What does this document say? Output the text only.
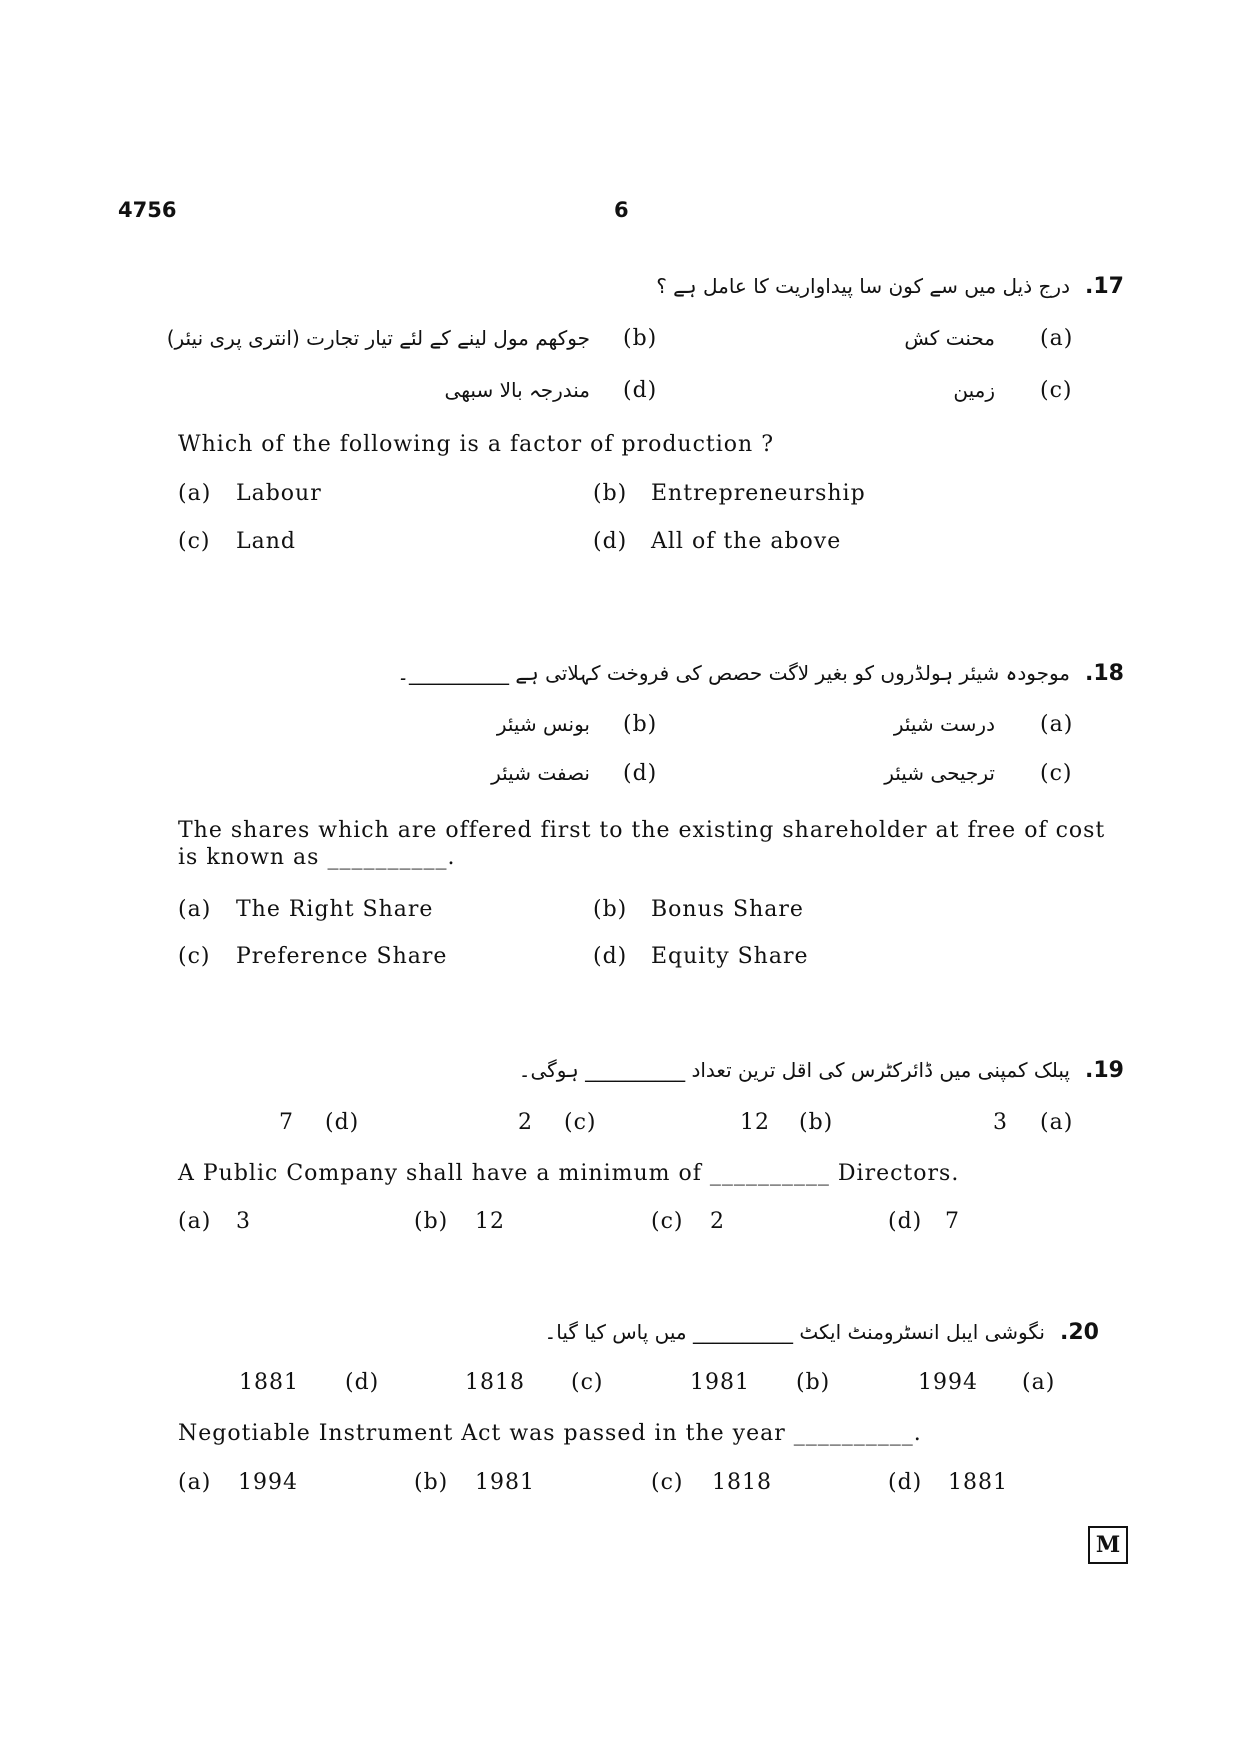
4756	6
.17
درج ذیل میں سے کون سا پیداواریت کا عامل ہے ؟
(a)
محنت کش
(b)
جوکھم مول لینے کے لئے تیار تجارت (انتری پری نیئر)
(c)
زمین
(d)
مندرجہ بالا سبھی
Which of the following is a factor of production ?
(a) Labour	(b) Entrepreneurship
(c) Land	(d) All of the above
.18
موجودہ شیئر ہولڈروں کو بغیر لاگت حصص کی فروخت کہلاتی ہے __________۔
(a)
درست شیئر
(b)
بونس شیئر
(c)
ترجیحی شیئر
(d)
نصفت شیئر
The shares which are offered first to the existing shareholder at free of cost
is known as __________.
(a) The Right Share	(b) Bonus Share
(c) Preference Share	(d) Equity Share
.19
پبلک کمپنی میں ڈائرکٹرس کی اقل ترین تعداد __________ ہوگی۔
(a)
3
(b)
12
(c)
2
(d)
7
A Public Company shall have a minimum of __________ Directors.
(a) 3	(b) 12	(c) 2	(d) 7
.20
نگوشی ایبل انسٹرومنٹ ایکٹ __________ میں پاس کیا گیا۔
(a)
1994
(b)
1981
(c)
1818
(d)
1881
Negotiable Instrument Act was passed in the year __________.
(a) 1994	(b) 1981	(c) 1818	(d) 1881
M
